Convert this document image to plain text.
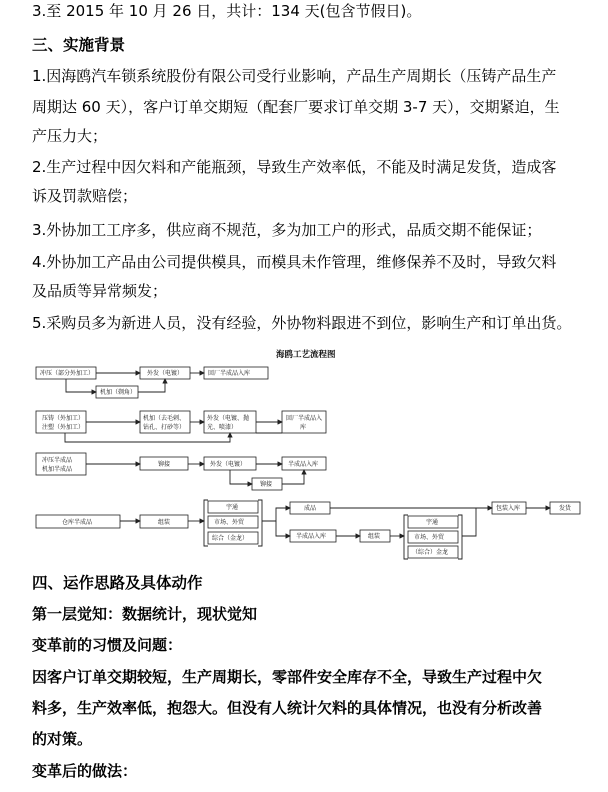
3.至 2015 年 10 月 26 日，共计：134 天(包含节假日)。
三、实施背景
1.因海鸥汽车锁系统股份有限公司受行业影响，产品生产周期长（压铸产品生产
周期达 60 天），客户订单交期短（配套厂要求订单交期 3-7 天），交期紧迫，生
产压力大；
2.生产过程中因欠料和产能瓶颈，导致生产效率低，不能及时满足发货，造成客
诉及罚款赔偿；
3.外协加工工序多，供应商不规范，多为加工户的形式，品质交期不能保证；
4.外协加工产品由公司提供模具，而模具未作管理，维修保养不及时，导致欠料
及品质等异常频发；
5.采购员多为新进人员，没有经验，外协物料跟进不到位，影响生产和订单出货。
海鸥工艺流程图
冲压（部分外加工）	外发（电镀）	回厂半成品入库
机加（剃角）
压铸（外加工）
注塑（外加工）
机加（去毛刺、
钻孔、打砂等）
外发（电镀、抛
光、喷漆）
回厂半成品入
库
冲压半成品
机加半成品
铆接	外发（电镀）	半成品入库
铆接
仓库半成品	组装
宇通
市场、外贸
综合（金龙）
成品
半成品入库	组装
宇通
市场、外贸
（综合）金龙
包装入库	发货
四、运作思路及具体动作
第一层觉知：数据统计，现状觉知
变革前的习惯及问题：
因客户订单交期较短，生产周期长，零部件安全库存不全，导致生产过程中欠
料多，生产效率低，抱怨大。但没有人统计欠料的具体情况，也没有分析改善
的对策。
变革后的做法：
